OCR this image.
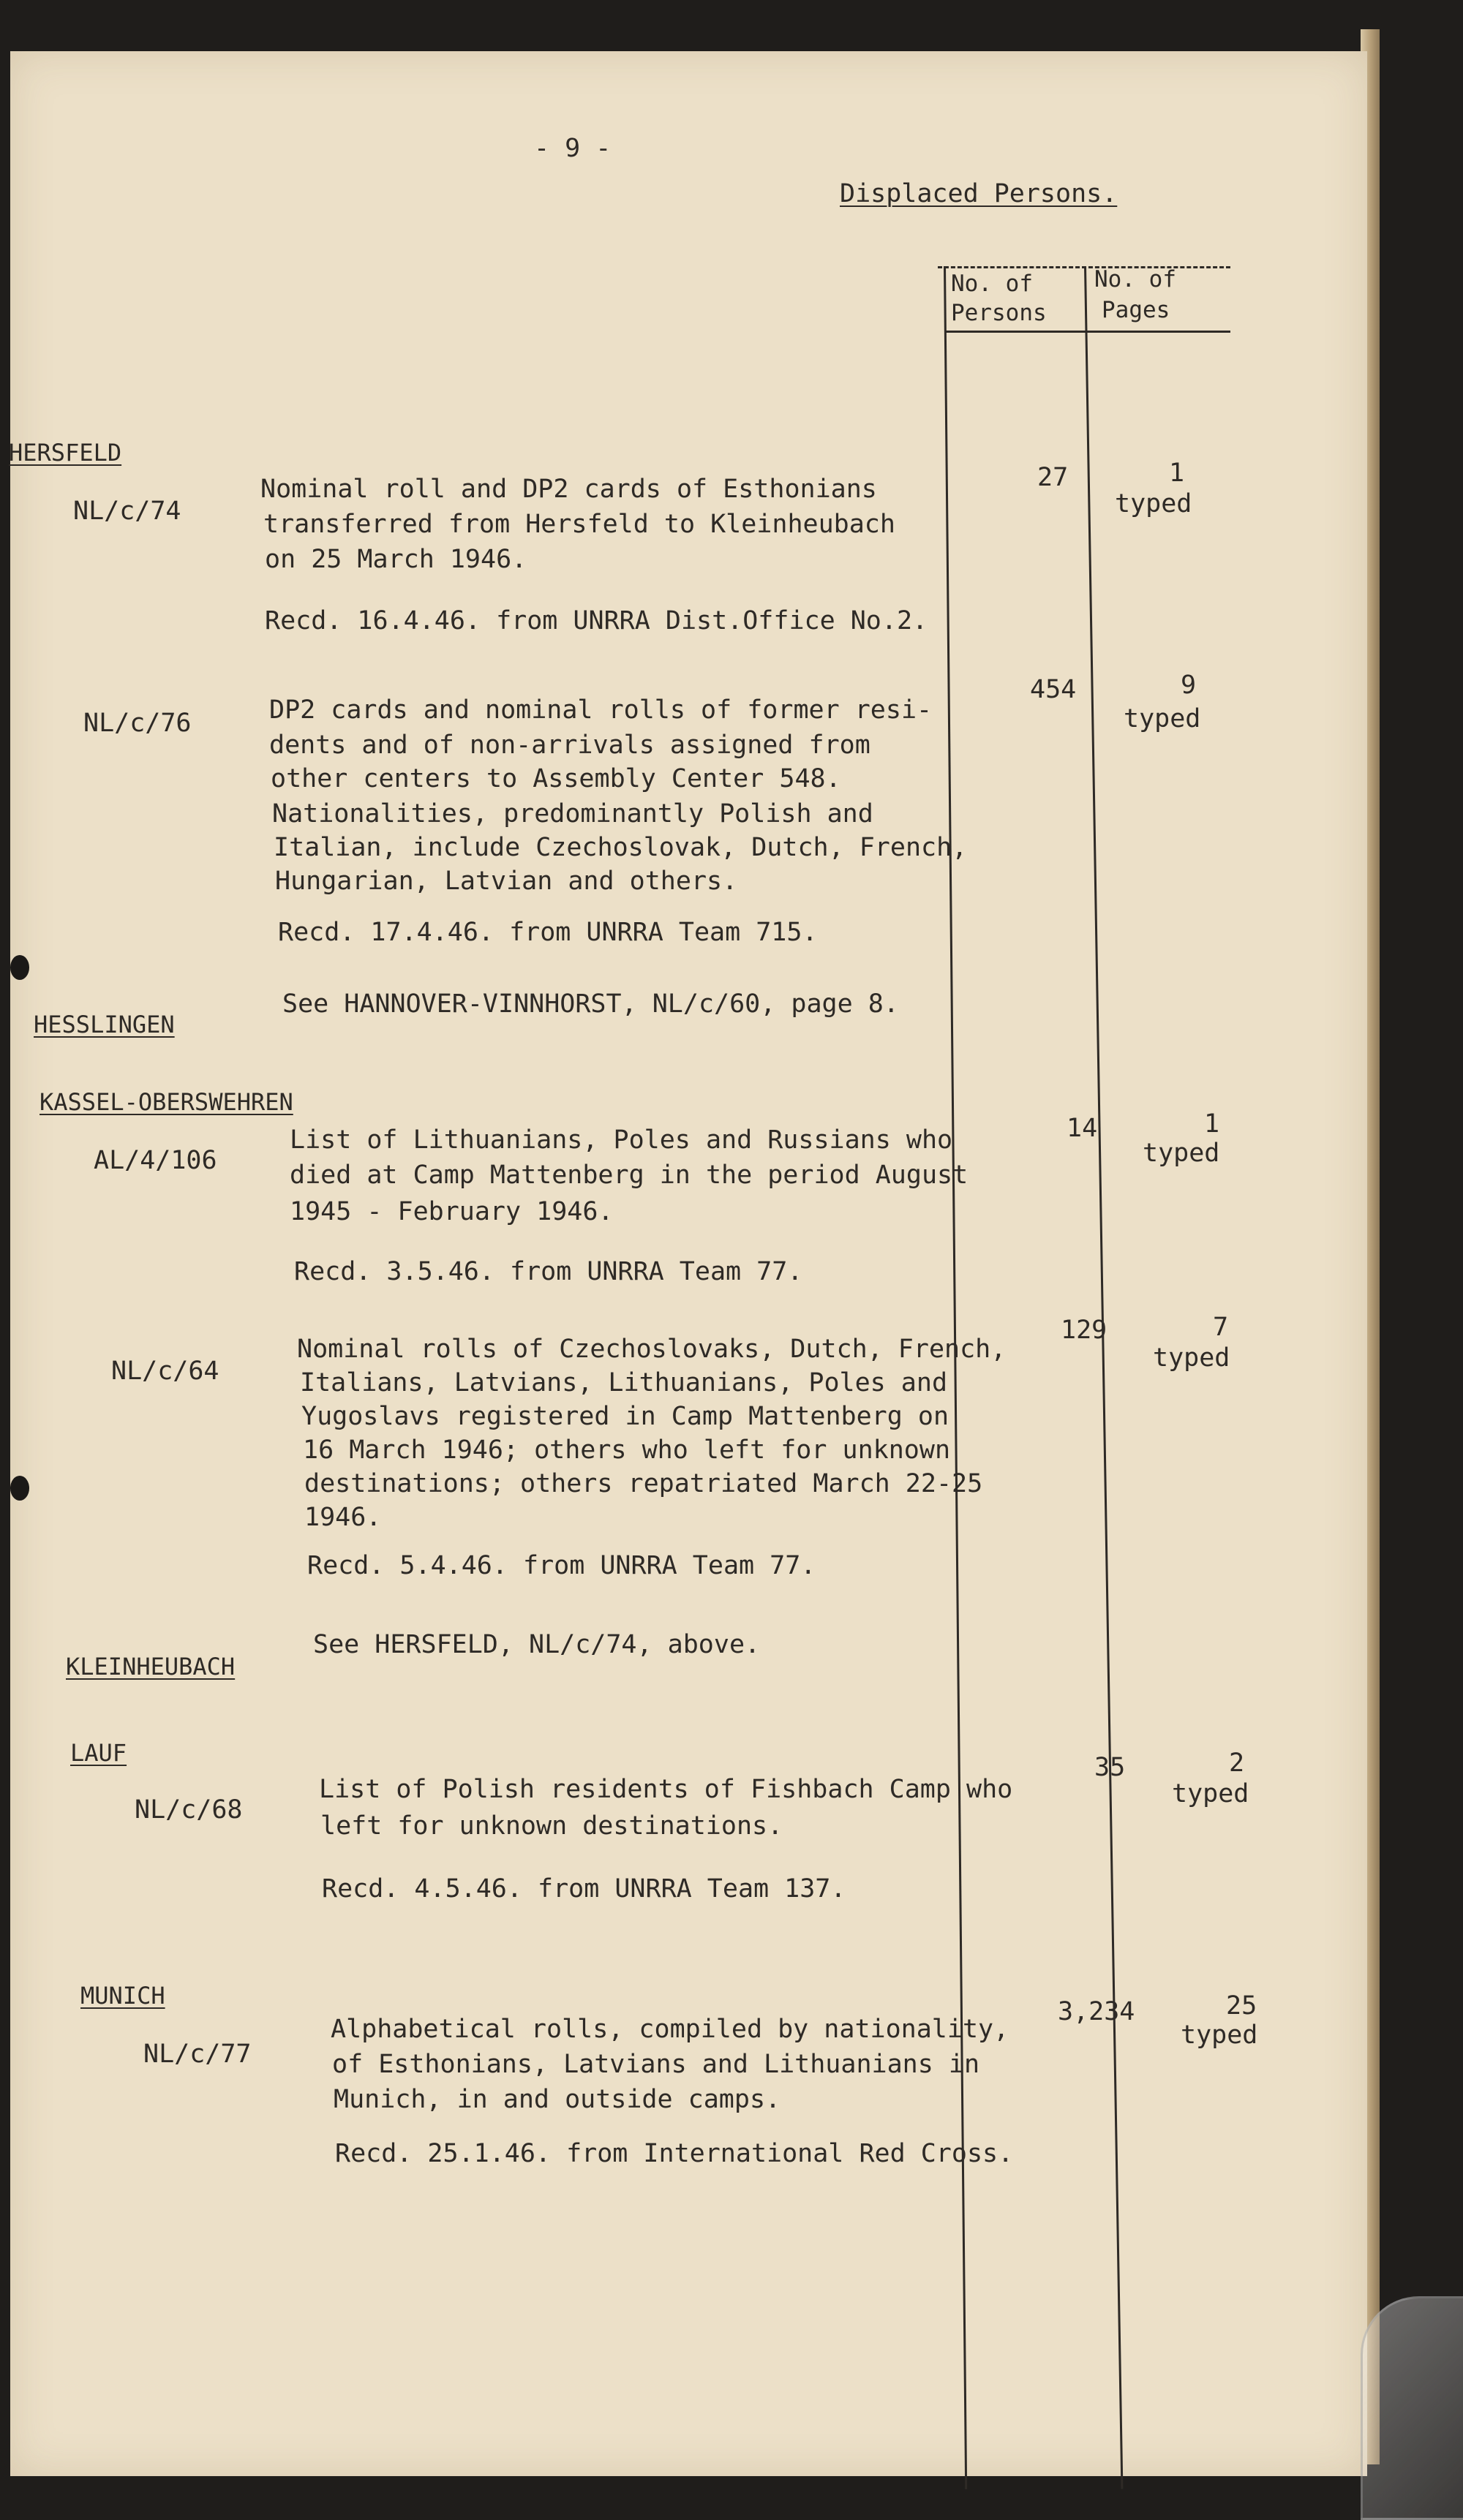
- 9 -
Displaced Persons.
No. of
Persons
No. of
Pages
HERSFELD
NL/c/74
Nominal roll and DP2 cards of Esthonians
transferred from Hersfeld to Kleinheubach
on 25 March 1946.
Recd. 16.4.46. from UNRRA Dist.Office No.2.
27	1
typed
NL/c/76	DP2 cards and nominal rolls of former resi-
dents and of non-arrivals assigned from
other centers to Assembly Center 548.
Nationalities, predominantly Polish and
Italian, include Czechoslovak, Dutch, French,
Hungarian, Latvian and others.
Recd. 17.4.46. from UNRRA Team 715.
454	9
typed
HESSLINGEN
See HANNOVER-VINNHORST, NL/c/60, page 8.
KASSEL-OBERSWEHREN
AL/4/106
List of Lithuanians, Poles and Russians who
died at Camp Mattenberg in the period August
1945 - February 1946.
Recd. 3.5.46. from UNRRA Team 77.
14	1
typed
NL/c/64
Nominal rolls of Czechoslovaks, Dutch, French,
Italians, Latvians, Lithuanians, Poles and
Yugoslavs registered in Camp Mattenberg on
16 March 1946; others who left for unknown
destinations; others repatriated March 22-25
1946.
Recd. 5.4.46. from UNRRA Team 77.
129	7
typed
KLEINHEUBACH
See HERSFELD, NL/c/74, above.
LAUF
NL/c/68
List of Polish residents of Fishbach Camp who
left for unknown destinations.
Recd. 4.5.46. from UNRRA Team 137.
35	2
typed
MUNICH
NL/c/77
Alphabetical rolls, compiled by nationality,
of Esthonians, Latvians and Lithuanians in
Munich, in and outside camps.
Recd. 25.1.46. from International Red Cross.
3,234	25
typed
